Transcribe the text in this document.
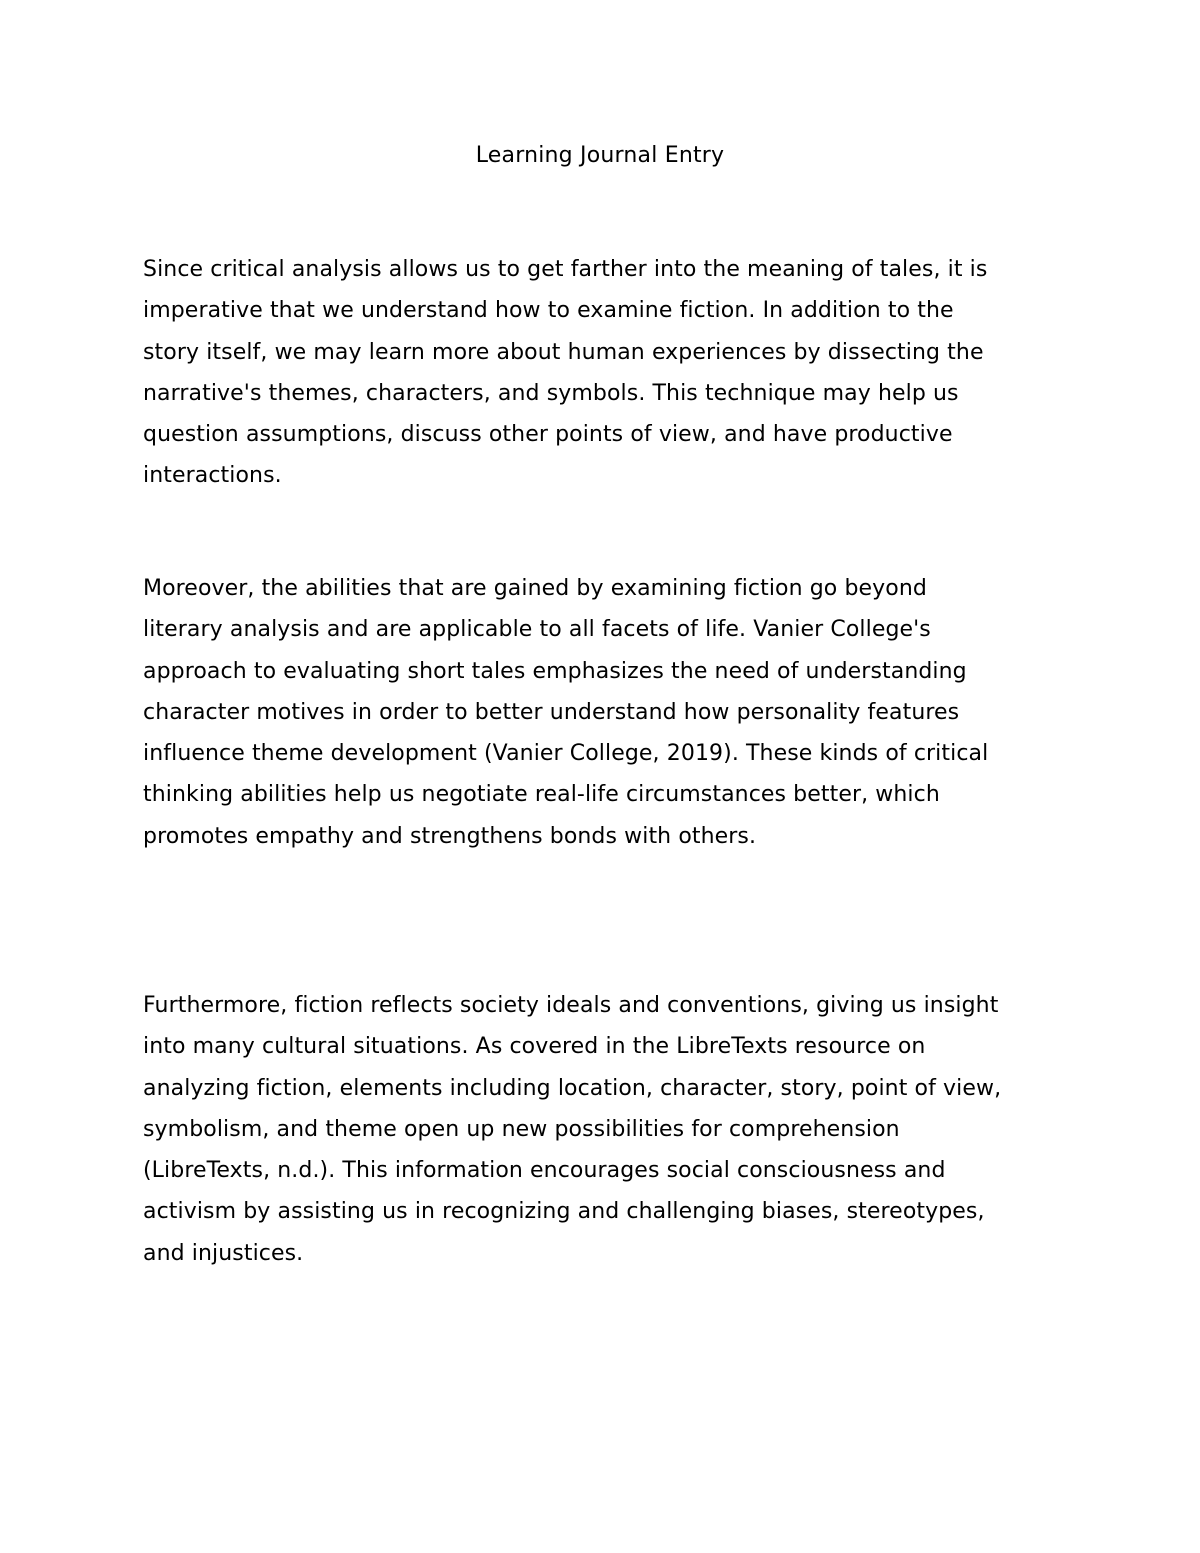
Learning Journal Entry

Since critical analysis allows us to get farther into the meaning of tales, it is
imperative that we understand how to examine fiction. In addition to the
story itself, we may learn more about human experiences by dissecting the
narrative's themes, characters, and symbols. This technique may help us
question assumptions, discuss other points of view, and have productive
interactions.

Moreover, the abilities that are gained by examining fiction go beyond
literary analysis and are applicable to all facets of life. Vanier College's
approach to evaluating short tales emphasizes the need of understanding
character motives in order to better understand how personality features
influence theme development (Vanier College, 2019). These kinds of critical
thinking abilities help us negotiate real-life circumstances better, which
promotes empathy and strengthens bonds with others.

Furthermore, fiction reflects society ideals and conventions, giving us insight
into many cultural situations. As covered in the LibreTexts resource on
analyzing fiction, elements including location, character, story, point of view,
symbolism, and theme open up new possibilities for comprehension
(LibreTexts, n.d.). This information encourages social consciousness and
activism by assisting us in recognizing and challenging biases, stereotypes,
and injustices.
